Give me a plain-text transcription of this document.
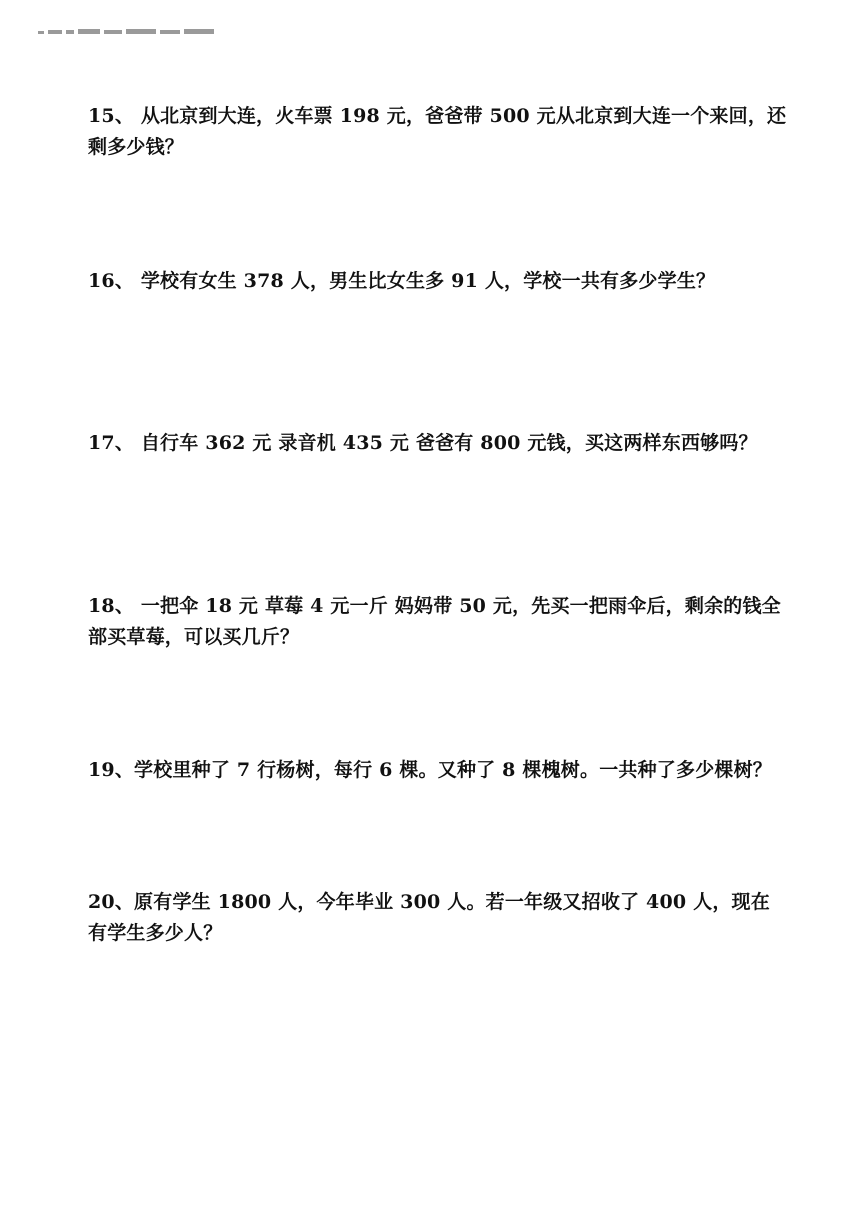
15、 从北京到大连，火车票 198 元，爸爸带 500 元从北京到大连一个来回，还剩多少钱？

16、 学校有女生 378 人，男生比女生多 91 人，学校一共有多少学生？

17、 自行车 362 元 录音机 435 元 爸爸有 800 元钱，买这两样东西够吗？

18、 一把伞 18 元 草莓 4 元一斤 妈妈带 50 元，先买一把雨伞后，剩余的钱全部买草莓，可以买几斤？

19、学校里种了 7 行杨树，每行 6 棵。又种了 8 棵槐树。一共种了多少棵树？

20、原有学生 1800 人，今年毕业 300 人。若一年级又招收了 400 人，现在有学生多少人？
